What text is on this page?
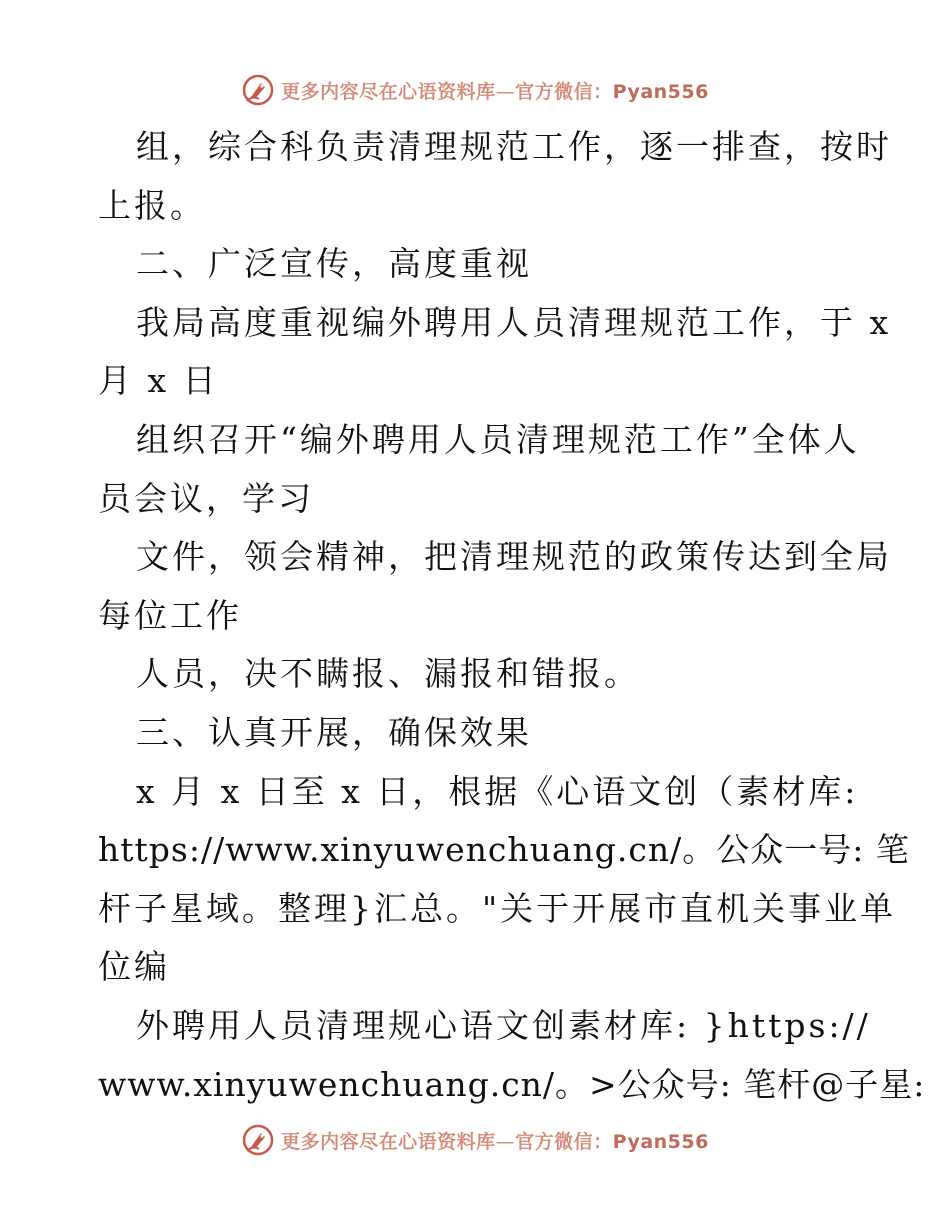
更多内容尽在心语资料库—官方微信：Pyan556
组，综合科负责清理规范工作，逐一排查，按时
上报。
二、广泛宣传，高度重视
我局高度重视编外聘用人员清理规范工作，于 x
月 x 日
组织召开“编外聘用人员清理规范工作”全体人
员会议，学习
文件，领会精神，把清理规范的政策传达到全局
每位工作
人员，决不瞒报、漏报和错报。
三、认真开展，确保效果
x 月 x 日至 x 日，根据《心语文创（素材库:
https://www.xinyuwenchuang.cn/。公众一号: 笔
杆子星域。整理}汇总。"关于开展市直机关事业单
位编
外聘用人员清理规心语文创素材库: }https://
www.xinyuwenchuang.cn/。>公众号: 笔杆@子星:
更多内容尽在心语资料库—官方微信：Pyan556
